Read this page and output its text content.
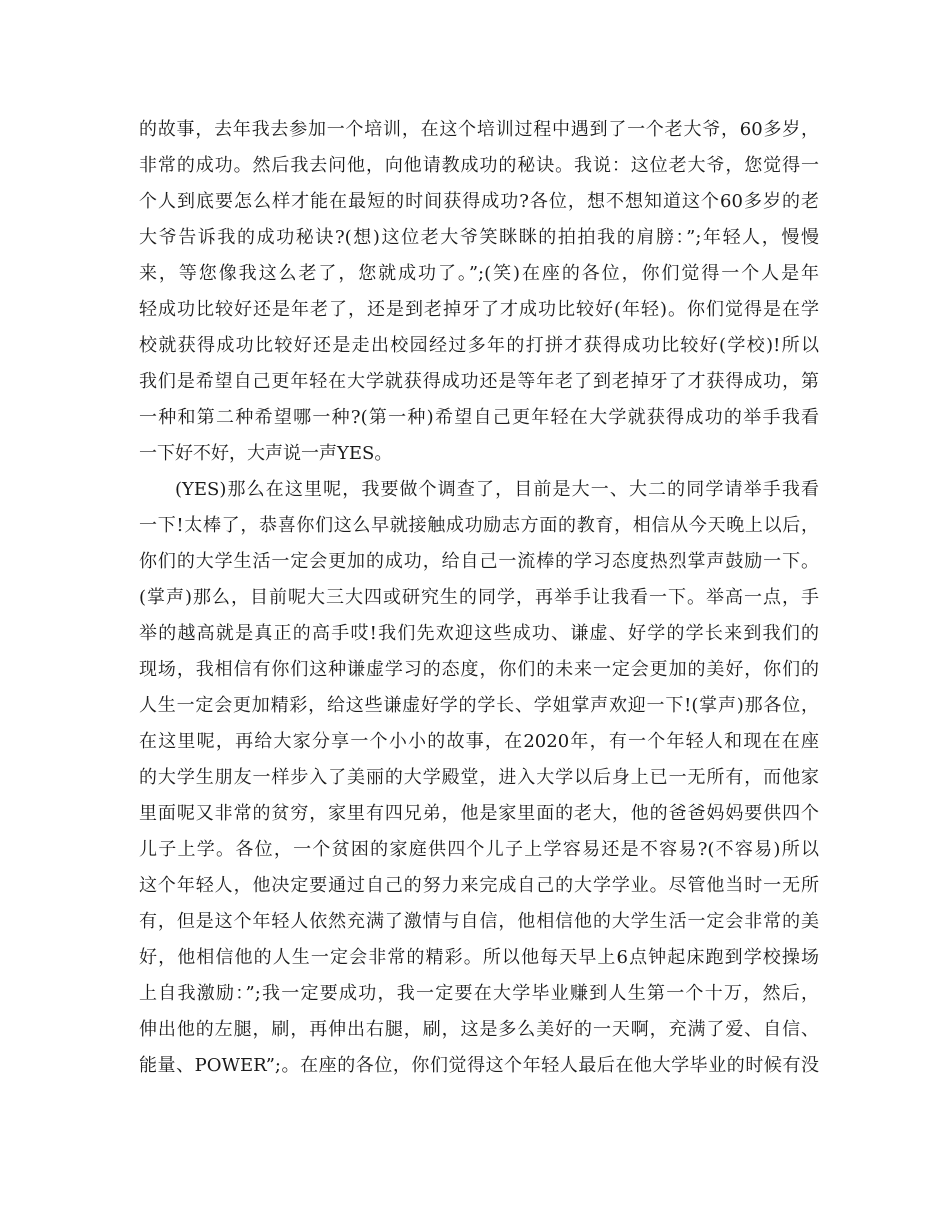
的故事，去年我去参加一个培训，在这个培训过程中遇到了一个老大爷，60多岁，
非常的成功。然后我去问他，向他请教成功的秘诀。我说：这位老大爷，您觉得一
个人到底要怎么样才能在最短的时间获得成功?各位，想不想知道这个60多岁的老
大爷告诉我的成功秘诀?(想)这位老大爷笑眯眯的拍拍我的肩膀：”;年轻人，慢慢
来，等您像我这么老了，您就成功了。”;(笑)在座的各位，你们觉得一个人是年
轻成功比较好还是年老了，还是到老掉牙了才成功比较好(年轻)。你们觉得是在学
校就获得成功比较好还是走出校园经过多年的打拼才获得成功比较好(学校)!所以
我们是希望自己更年轻在大学就获得成功还是等年老了到老掉牙了才获得成功，第
一种和第二种希望哪一种?(第一种)希望自己更年轻在大学就获得成功的举手我看
一下好不好，大声说一声YES。
(YES)那么在这里呢，我要做个调查了，目前是大一、大二的同学请举手我看
一下!太棒了，恭喜你们这么早就接触成功励志方面的教育，相信从今天晚上以后，
你们的大学生活一定会更加的成功，给自己一流棒的学习态度热烈掌声鼓励一下。
(掌声)那么，目前呢大三大四或研究生的同学，再举手让我看一下。举高一点，手
举的越高就是真正的高手哎!我们先欢迎这些成功、谦虚、好学的学长来到我们的
现场，我相信有你们这种谦虚学习的态度，你们的未来一定会更加的美好，你们的
人生一定会更加精彩，给这些谦虚好学的学长、学姐掌声欢迎一下!(掌声)那各位，
在这里呢，再给大家分享一个小小的故事，在2020年，有一个年轻人和现在在座
的大学生朋友一样步入了美丽的大学殿堂，进入大学以后身上已一无所有，而他家
里面呢又非常的贫穷，家里有四兄弟，他是家里面的老大，他的爸爸妈妈要供四个
儿子上学。各位，一个贫困的家庭供四个儿子上学容易还是不容易?(不容易)所以
这个年轻人，他决定要通过自己的努力来完成自己的大学学业。尽管他当时一无所
有，但是这个年轻人依然充满了激情与自信，他相信他的大学生活一定会非常的美
好，他相信他的人生一定会非常的精彩。所以他每天早上6点钟起床跑到学校操场
上自我激励：”;我一定要成功，我一定要在大学毕业赚到人生第一个十万，然后，
伸出他的左腿，刷，再伸出右腿，刷，这是多么美好的一天啊，充满了爱、自信、
能量、POWER”;。在座的各位，你们觉得这个年轻人最后在他大学毕业的时候有没
